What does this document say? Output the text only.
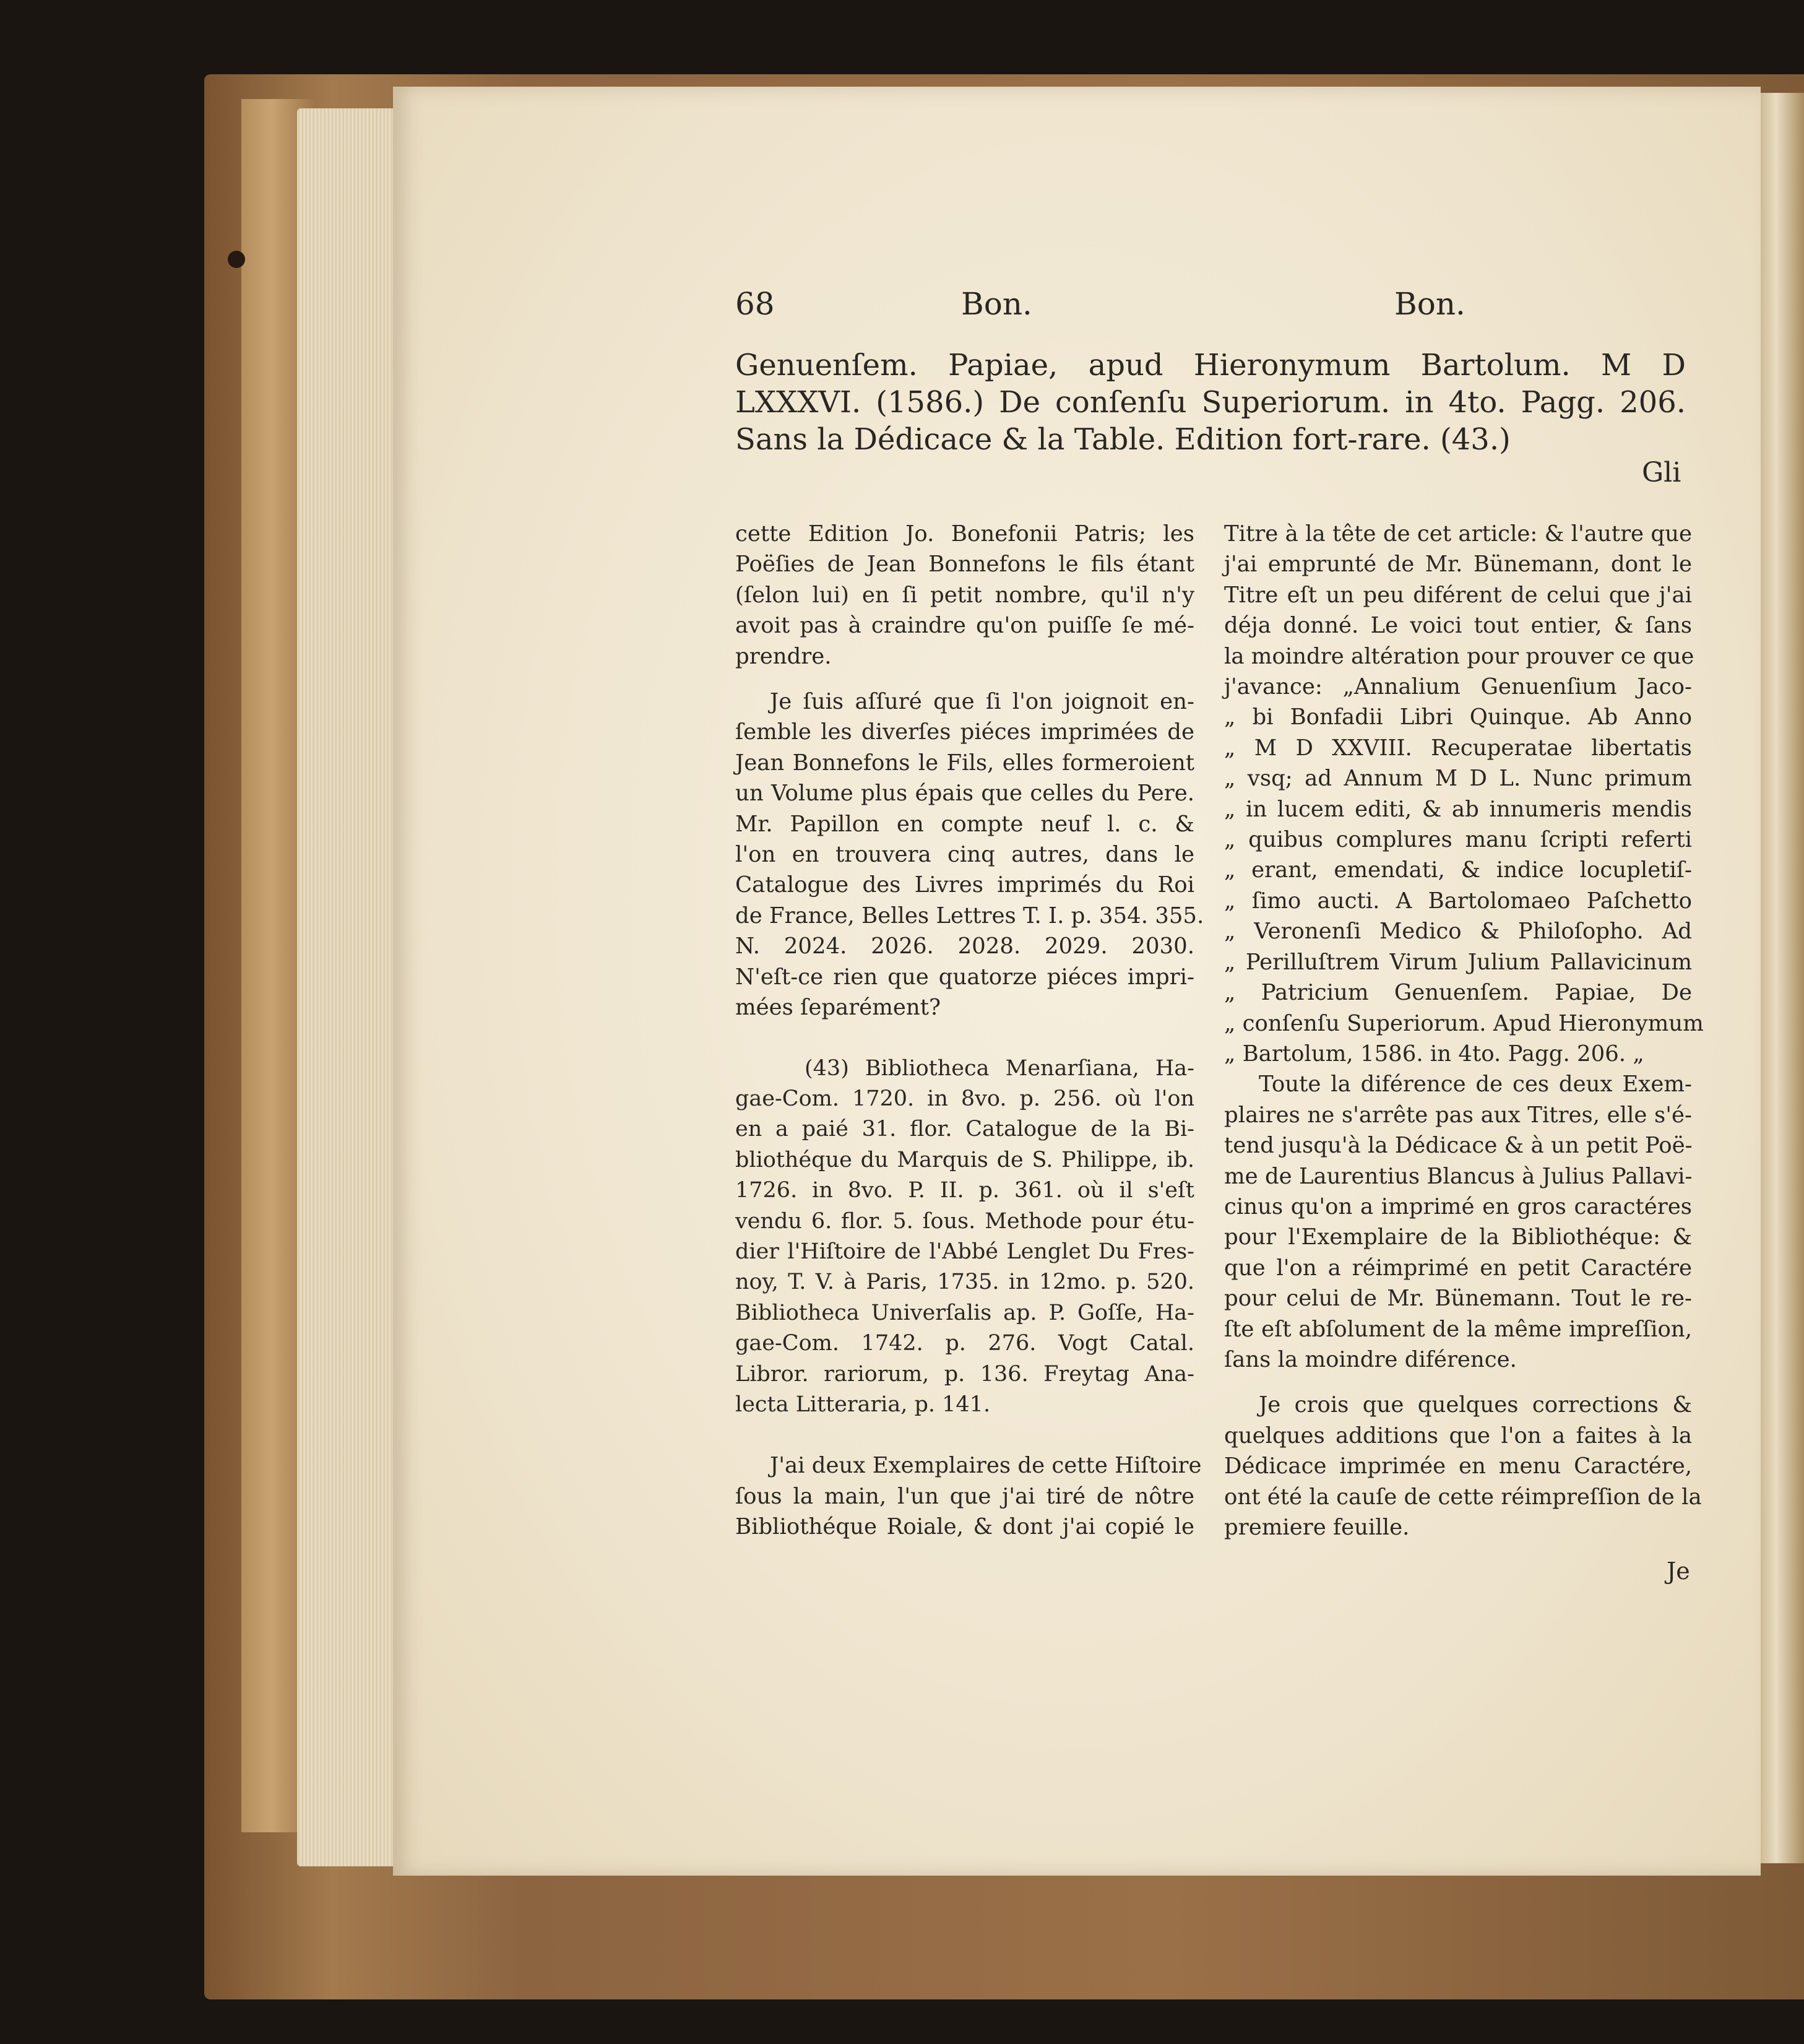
68	Bon.	Bon.
Genuenſem. Papiae, apud Hieronymum Bartolum. M D
LXXXVI. (1586.) De conſenſu Superiorum. in 4to. Pagg. 206.
Sans la Dédicace & la Table. Edition fort-rare. (43.)
Gli
cette Edition Jo. Bonefonii Patris; les
Poëſies de Jean Bonnefons le fils étant
(ſelon lui) en ſi petit nombre, qu'il n'y
avoit pas à craindre qu'on puiſſe ſe mé-
prendre.
Je ſuis aſſuré que ſi l'on joignoit en-
ſemble les diverſes piéces imprimées de
Jean Bonnefons le Fils, elles formeroient
un Volume plus épais que celles du Pere.
Mr. Papillon en compte neuf l. c. &
l'on en trouvera cinq autres, dans le
Catalogue des Livres imprimés du Roi
de France, Belles Lettres T. I. p. 354. 355.
N. 2024. 2026. 2028. 2029. 2030.
N'eſt-ce rien que quatorze piéces impri-
mées ſeparément?
(43) Bibliotheca Menarſiana, Ha-
gae-Com. 1720. in 8vo. p. 256. où l'on
en a paié 31. flor. Catalogue de la Bi-
bliothéque du Marquis de S. Philippe, ib.
1726. in 8vo. P. II. p. 361. où il s'eſt
vendu 6. flor. 5. ſous. Methode pour étu-
dier l'Hiſtoire de l'Abbé Lenglet Du Fres-
noy, T. V. à Paris, 1735. in 12mo. p. 520.
Bibliotheca Univerſalis ap. P. Goſſe, Ha-
gae-Com. 1742. p. 276. Vogt Catal.
Libror. rariorum, p. 136. Freytag Ana-
lecta Litteraria, p. 141.
J'ai deux Exemplaires de cette Hiſtoire
ſous la main, l'un que j'ai tiré de nôtre
Bibliothéque Roiale, & dont j'ai copié le
Titre à la tête de cet article: & l'autre que
j'ai emprunté de Mr. Bünemann, dont le
Titre eſt un peu diférent de celui que j'ai
déja donné. Le voici tout entier, & ſans
la moindre altération pour prouver ce que
j'avance: „Annalium Genuenſium Jaco-
„ bi Bonfadii Libri Quinque. Ab Anno
„ M D XXVIII. Recuperatae libertatis
„ vsq; ad Annum M D L. Nunc primum
„ in lucem editi, & ab innumeris mendis
„ quibus complures manu ſcripti referti
„ erant, emendati, & indice locupletiſ-
„ ſimo aucti. A Bartolomaeo Paſchetto
„ Veronenſi Medico & Philoſopho. Ad
„ Perilluſtrem Virum Julium Pallavicinum
„ Patricium Genuenſem. Papiae, De
„ conſenſu Superiorum. Apud Hieronymum
„ Bartolum, 1586. in 4to. Pagg. 206. „
Toute la diférence de ces deux Exem-
plaires ne s'arrête pas aux Titres, elle s'é-
tend jusqu'à la Dédicace & à un petit Poë-
me de Laurentius Blancus à Julius Pallavi-
cinus qu'on a imprimé en gros caractéres
pour l'Exemplaire de la Bibliothéque: &
que l'on a réimprimé en petit Caractére
pour celui de Mr. Bünemann. Tout le re-
ſte eſt abſolument de la même impreſſion,
ſans la moindre diférence.
Je crois que quelques corrections &
quelques additions que l'on a faites à la
Dédicace imprimée en menu Caractére,
ont été la cauſe de cette réimpreſſion de la
premiere feuille.
Je
